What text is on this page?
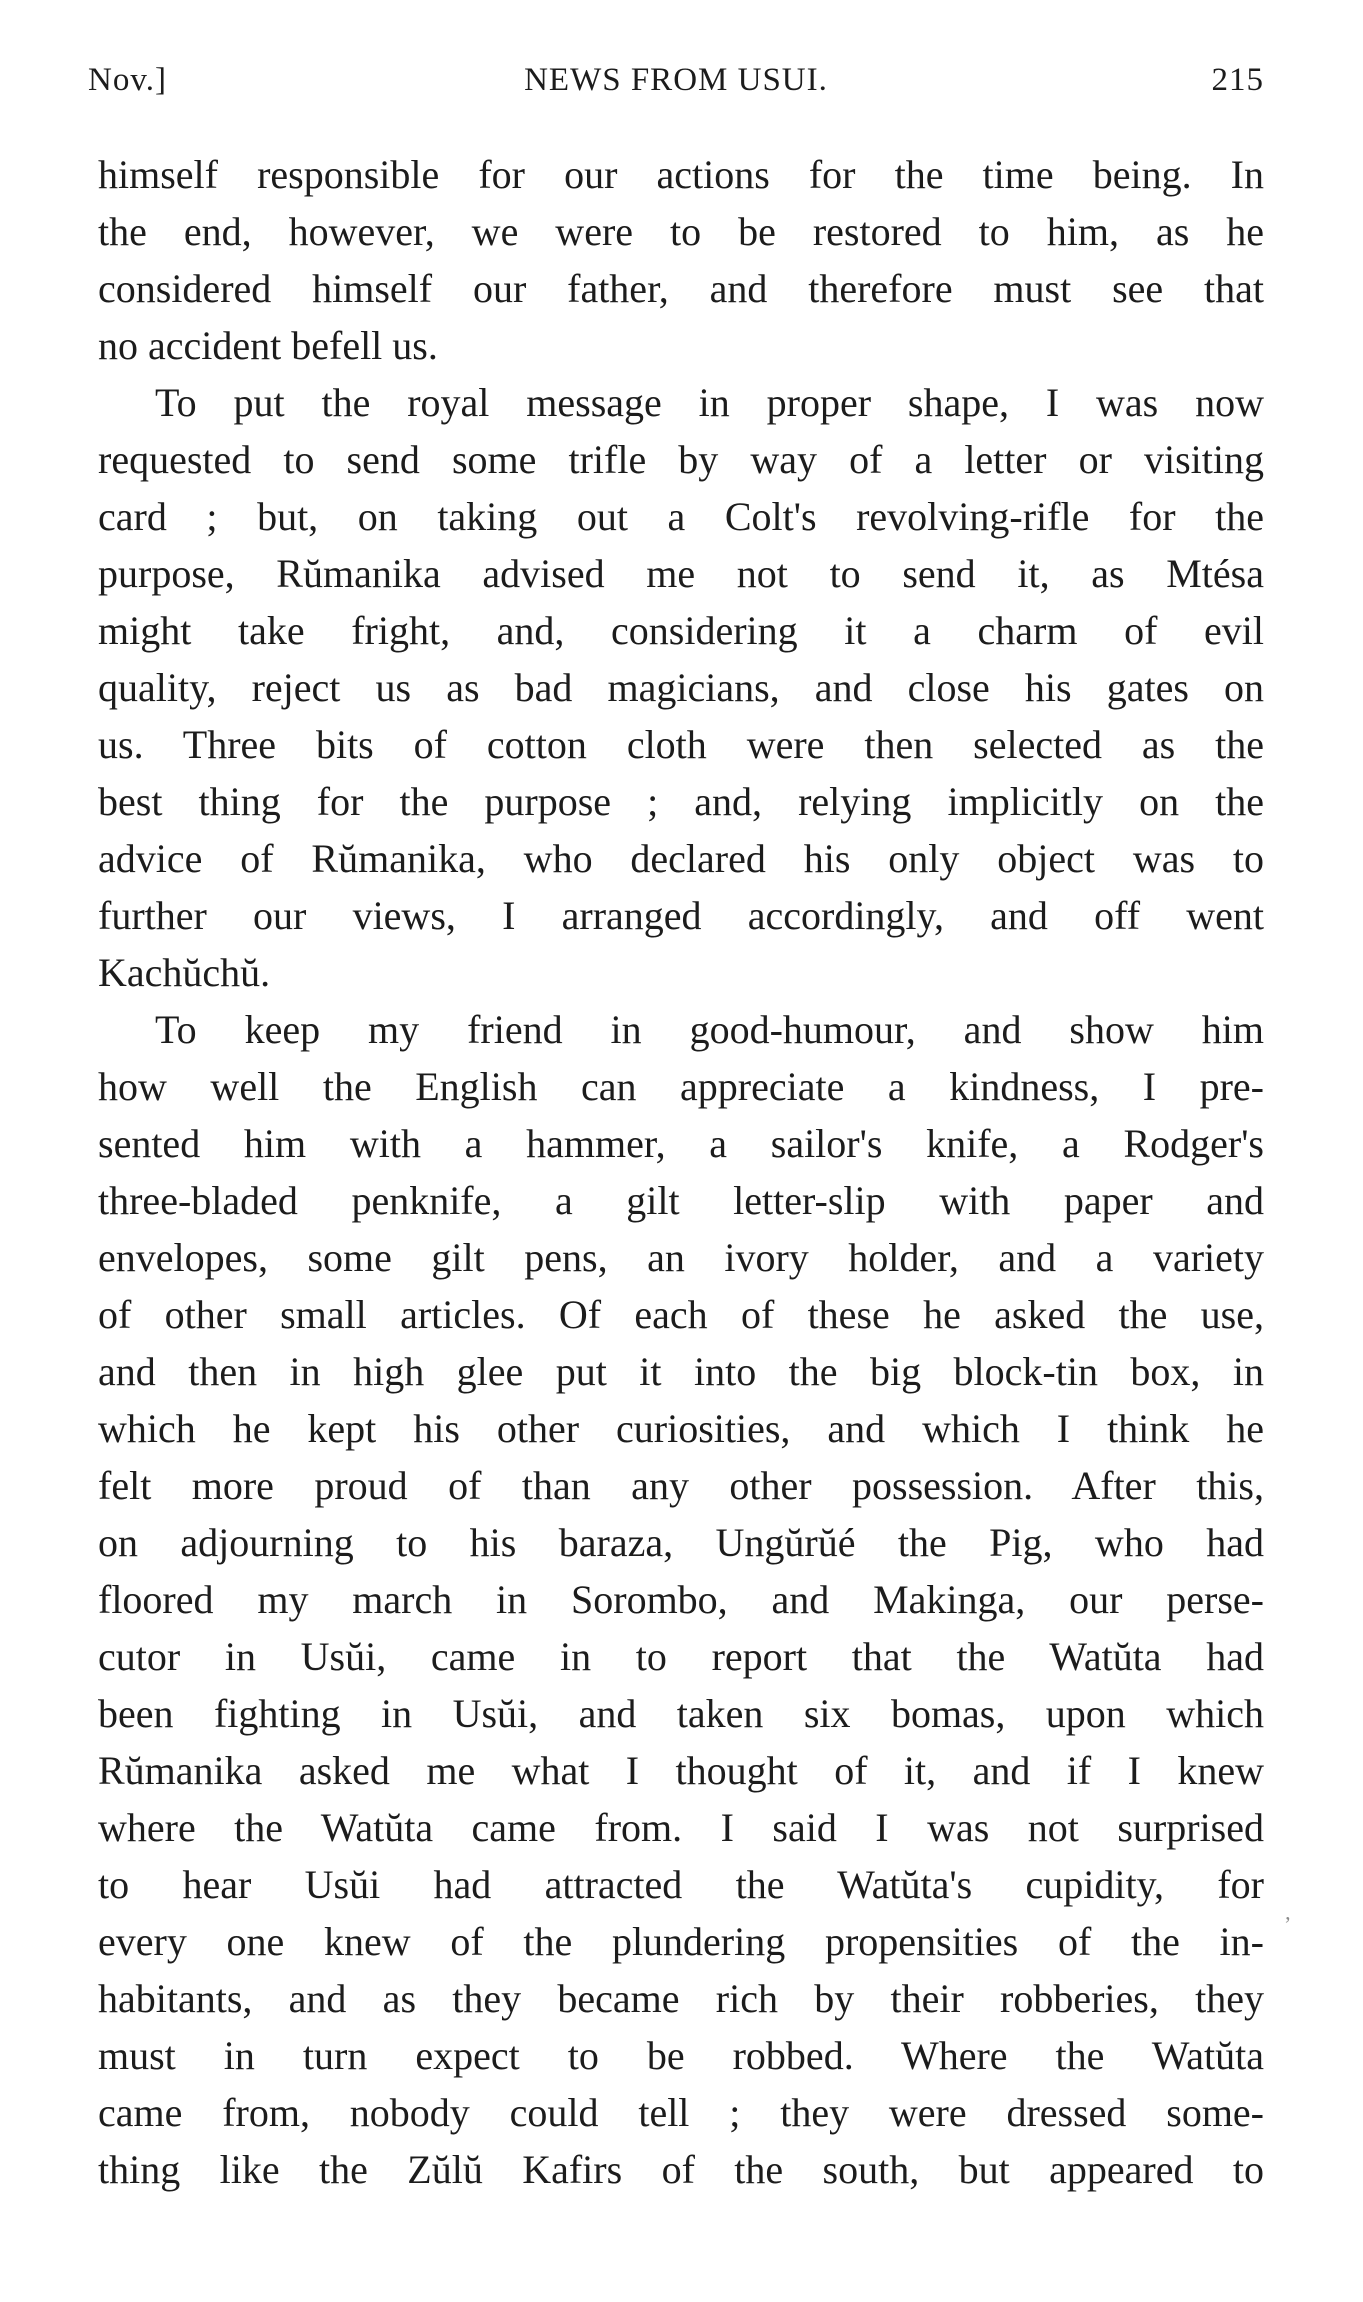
NEWS FROM USUI.
Nov.]	215
himself responsible for our actions for the time being. In
the end, however, we were to be restored to him, as he
considered himself our father, and therefore must see that
no accident befell us.
To put the royal message in proper shape, I was now
requested to send some trifle by way of a letter or visiting
card ; but, on taking out a Colt's revolving-rifle for the
purpose, Rŭmanika advised me not to send it, as Mtésa
might take fright, and, considering it a charm of evil
quality, reject us as bad magicians, and close his gates on
us. Three bits of cotton cloth were then selected as the
best thing for the purpose ; and, relying implicitly on the
advice of Rŭmanika, who declared his only object was to
further our views, I arranged accordingly, and off went
Kachŭchŭ.
To keep my friend in good-humour, and show him
how well the English can appreciate a kindness, I pre-
sented him with a hammer, a sailor's knife, a Rodger's
three-bladed penknife, a gilt letter-slip with paper and
envelopes, some gilt pens, an ivory holder, and a variety
of other small articles. Of each of these he asked the use,
and then in high glee put it into the big block-tin box, in
which he kept his other curiosities, and which I think he
felt more proud of than any other possession. After this,
on adjourning to his baraza, Ungŭrŭé the Pig, who had
floored my march in Sorombo, and Makinga, our perse-
cutor in Usŭi, came in to report that the Watŭta had
been fighting in Usŭi, and taken six bomas, upon which
Rŭmanika asked me what I thought of it, and if I knew
where the Watŭta came from. I said I was not surprised
to hear Usŭi had attracted the Watŭta's cupidity, for
every one knew of the plundering propensities of the in-
habitants, and as they became rich by their robberies, they
must in turn expect to be robbed. Where the Watŭta
came from, nobody could tell ; they were dressed some-
thing like the Zŭlŭ Kafirs of the south, but appeared to
ʼ
